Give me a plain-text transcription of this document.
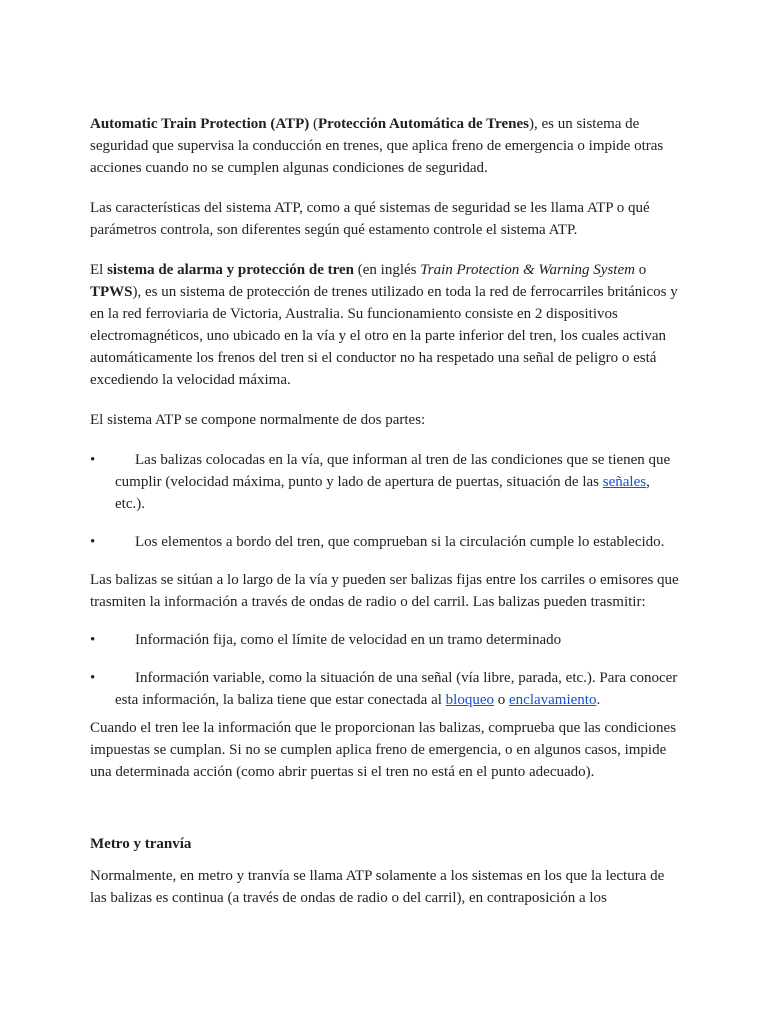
Automatic Train Protection (ATP) (Protección Automática de Trenes), es un sistema de seguridad que supervisa la conducción en trenes, que aplica freno de emergencia o impide otras acciones cuando no se cumplen algunas condiciones de seguridad.

Las características del sistema ATP, como a qué sistemas de seguridad se les llama ATP o qué parámetros controla, son diferentes según qué estamento controle el sistema ATP.

El sistema de alarma y protección de tren (en inglés Train Protection & Warning System o TPWS), es un sistema de protección de trenes utilizado en toda la red de ferrocarriles británicos y en la red ferroviaria de Victoria, Australia. Su funcionamiento consiste en 2 dispositivos electromagnéticos, uno ubicado en la vía y el otro en la parte inferior del tren, los cuales activan automáticamente los frenos del tren si el conductor no ha respetado una señal de peligro o está excediendo la velocidad máxima.

El sistema ATP se compone normalmente de dos partes:

•	Las balizas colocadas en la vía, que informan al tren de las condiciones que se tienen que cumplir (velocidad máxima, punto y lado de apertura de puertas, situación de las señales, etc.).
•	Los elementos a bordo del tren, que comprueban si la circulación cumple lo establecido.

Las balizas se sitúan a lo largo de la vía y pueden ser balizas fijas entre los carriles o emisores que trasmiten la información a través de ondas de radio o del carril. Las balizas pueden trasmitir:

•	Información fija, como el límite de velocidad en un tramo determinado
•	Información variable, como la situación de una señal (vía libre, parada, etc.). Para conocer esta información, la baliza tiene que estar conectada al bloqueo o enclavamiento.

Cuando el tren lee la información que le proporcionan las balizas, comprueba que las condiciones impuestas se cumplan. Si no se cumplen aplica freno de emergencia, o en algunos casos, impide una determinada acción (como abrir puertas si el tren no está en el punto adecuado).

Metro y tranvía

Normalmente, en metro y tranvía se llama ATP solamente a los sistemas en los que la lectura de las balizas es continua (a través de ondas de radio o del carril), en contraposición a los
